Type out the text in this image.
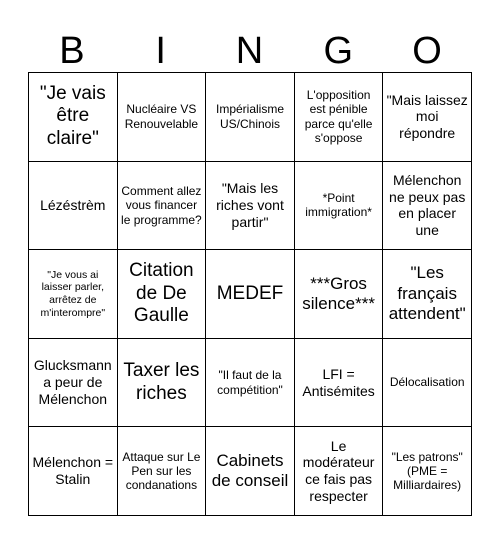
B	I	N	G	O
"Je vais être claire"
Nucléaire VS Renouvelable
Impérialisme US/Chinois
L'opposition est pénible parce qu'elle s'oppose
"Mais laissez moi répondre
Lézéstrèm
Comment allez vous financer le programme?
"Mais les riches vont partir"
*Point immigration*
Mélenchon ne peux pas en placer une
"Je vous ai laisser parler, arrêtez de m'interompre"
Citation de De Gaulle
MEDEF	***Gros silence***
"Les français attendent"
Glucksmann a peur de Mélenchon
Taxer les riches
"Il faut de la compétition"
LFI = Antisémites
Délocalisation
Mélenchon = Stalin
Attaque sur Le Pen sur les condanations
Cabinets de conseil
Le modérateur ce fais pas respecter
"Les patrons" (PME = Milliardaires)
